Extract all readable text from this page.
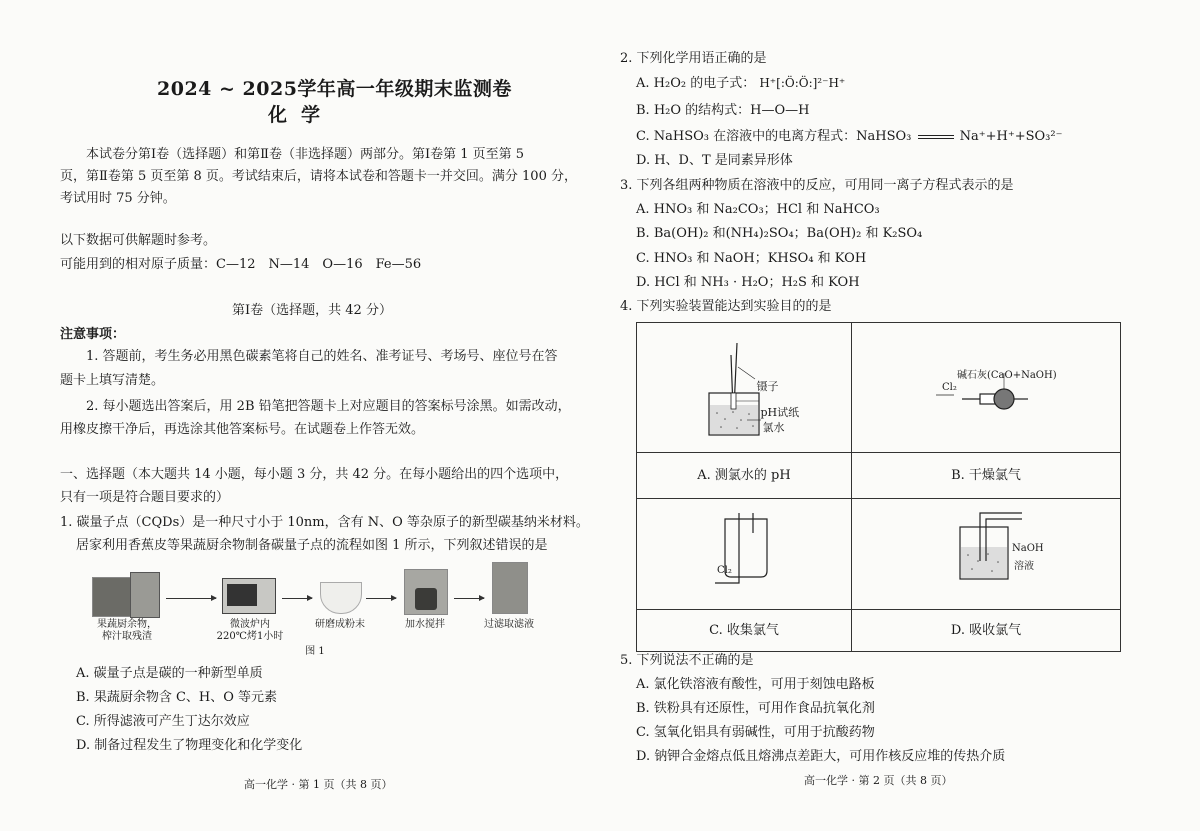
2024 ~ 2025学年高一年级期末监测卷
化学
本试卷分第Ⅰ卷（选择题）和第Ⅱ卷（非选择题）两部分。第Ⅰ卷第 1 页至第 5
页，第Ⅱ卷第 5 页至第 8 页。考试结束后，请将本试卷和答题卡一并交回。满分 100 分，
考试用时 75 分钟。
以下数据可供解题时参考。
可能用到的相对原子质量：C—12　N—14　O—16　Fe—56
第Ⅰ卷（选择题，共 42 分）
注意事项：
1. 答题前，考生务必用黑色碳素笔将自己的姓名、准考证号、考场号、座位号在答
题卡上填写清楚。
2. 每小题选出答案后，用 2B 铅笔把答题卡上对应题目的答案标号涂黑。如需改动，
用橡皮擦干净后，再选涂其他答案标号。在试题卷上作答无效。
一、选择题（本大题共 14 小题，每小题 3 分，共 42 分。在每小题给出的四个选项中，
只有一项是符合题目要求的）
1. 碳量子点（CQDs）是一种尺寸小于 10nm，含有 N、O 等杂原子的新型碳基纳米材料。
居家利用香蕉皮等果蔬厨余物制备碳量子点的流程如图 1 所示，下列叙述错误的是
果蔬厨余物，
榨汁取残渣
微波炉内
220℃烤1小时
研磨成粉末	加水搅拌	过滤取滤液
图 1
A. 碳量子点是碳的一种新型单质
B. 果蔬厨余物含 C、H、O 等元素
C. 所得滤液可产生丁达尔效应
D. 制备过程发生了物理变化和化学变化
高一化学 · 第 1 页（共 8 页）
2. 下列化学用语正确的是
A. H₂O₂ 的电子式： H⁺[:Ö:Ö:]²⁻H⁺
B. H₂O 的结构式：H—O—H
C. NaHSO₃ 在溶液中的电离方程式：NaHSO₃	Na⁺+H⁺+SO₃²⁻
D. H、D、T 是同素异形体
3. 下列各组两种物质在溶液中的反应，可用同一离子方程式表示的是
A. HNO₃ 和 Na₂CO₃；HCl 和 NaHCO₃
B. Ba(OH)₂ 和(NH₄)₂SO₄；Ba(OH)₂ 和 K₂SO₄
C. HNO₃ 和 NaOH；KHSO₄ 和 KOH
D. HCl 和 NH₃ · H₂O；H₂S 和 KOH
4. 下列实验装置能达到实验目的的是
镊子
pH试纸
氯水	碱石灰(CaO+NaOH)
Cl₂

A. 测氯水的 pH	B. 干燥氯气

Cl₂	NaOH
溶液

C. 收集氯气	D. 吸收氯气
5. 下列说法不正确的是
A. 氯化铁溶液有酸性，可用于刻蚀电路板
B. 铁粉具有还原性，可用作食品抗氧化剂
C. 氢氧化铝具有弱碱性，可用于抗酸药物
D. 钠钾合金熔点低且熔沸点差距大，可用作核反应堆的传热介质
高一化学 · 第 2 页（共 8 页）
